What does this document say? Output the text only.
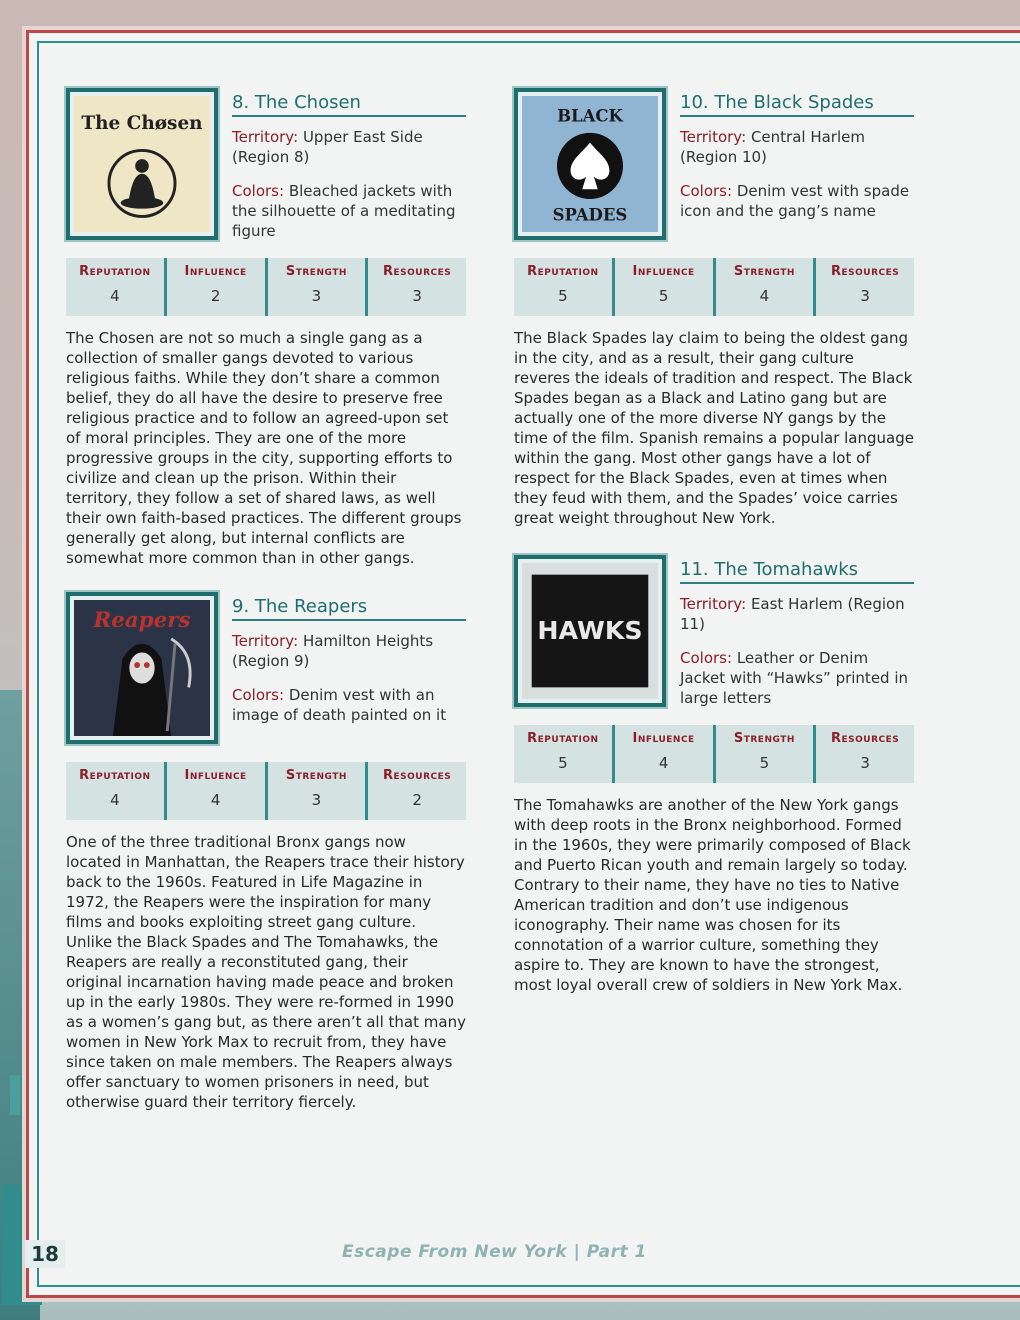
The Chøsen
8. The Chosen
Territory: Upper East Side (Region 8)
Colors: Bleached jackets with the silhouette of a meditating figure
Reputation
4
Influence
2
Strength
3
Resources
3
The Chosen are not so much a single gang as a collection of smaller gangs devoted to various religious faiths. While they don’t share a common belief, they do all have the desire to preserve free religious practice and to follow an agreed-upon set of moral principles. They are one of the more progressive groups in the city, supporting efforts to civilize and clean up the prison. Within their territory, they follow a set of shared laws, as well their own faith-based practices. The different groups generally get along, but internal conflicts are somewhat more common than in other gangs.
Reapers
9. The Reapers
Territory: Hamilton Heights (Region 9)
Colors: Denim vest with an image of death painted on it
Reputation
4
Influence
4
Strength
3
Resources
2
One of the three traditional Bronx gangs now located in Manhattan, the Reapers trace their history back to the 1960s. Featured in Life Magazine in 1972, the Reapers were the inspiration for many films and books exploiting street gang culture. Unlike the Black Spades and The Tomahawks, the Reapers are really a reconstituted gang, their original incarnation having made peace and broken up in the early 1980s. They were re-formed in 1990 as a women’s gang but, as there aren’t all that many women in New York Max to recruit from, they have since taken on male members. The Reapers always offer sanctuary to women prisoners in need, but otherwise guard their territory fiercely.
BLACK
SPADES
10. The Black Spades
Territory: Central Harlem (Region 10)
Colors: Denim vest with spade icon and the gang’s name
Reputation
5
Influence
5
Strength
4
Resources
3
The Black Spades lay claim to being the oldest gang in the city, and as a result, their gang culture reveres the ideals of tradition and respect. The Black Spades began as a Black and Latino gang but are actually one of the more diverse NY gangs by the time of the film. Spanish remains a popular language within the gang. Most other gangs have a lot of respect for the Black Spades, even at times when they feud with them, and the Spades’ voice carries great weight throughout New York.
HAWKS
11. The Tomahawks
Territory: East Harlem (Region 11)
Colors: Leather or Denim Jacket with “Hawks” printed in large letters
Reputation
5
Influence
4
Strength
5
Resources
3
The Tomahawks are another of the New York gangs with deep roots in the Bronx neighborhood. Formed in the 1960s, they were primarily composed of Black and Puerto Rican youth and remain largely so today. Contrary to their name, they have no ties to Native American tradition and don’t use indigenous iconography. Their name was chosen for its connotation of a warrior culture, something they aspire to. They are known to have the strongest, most loyal overall crew of soldiers in New York Max.
18	Escape From New York | Part 1
